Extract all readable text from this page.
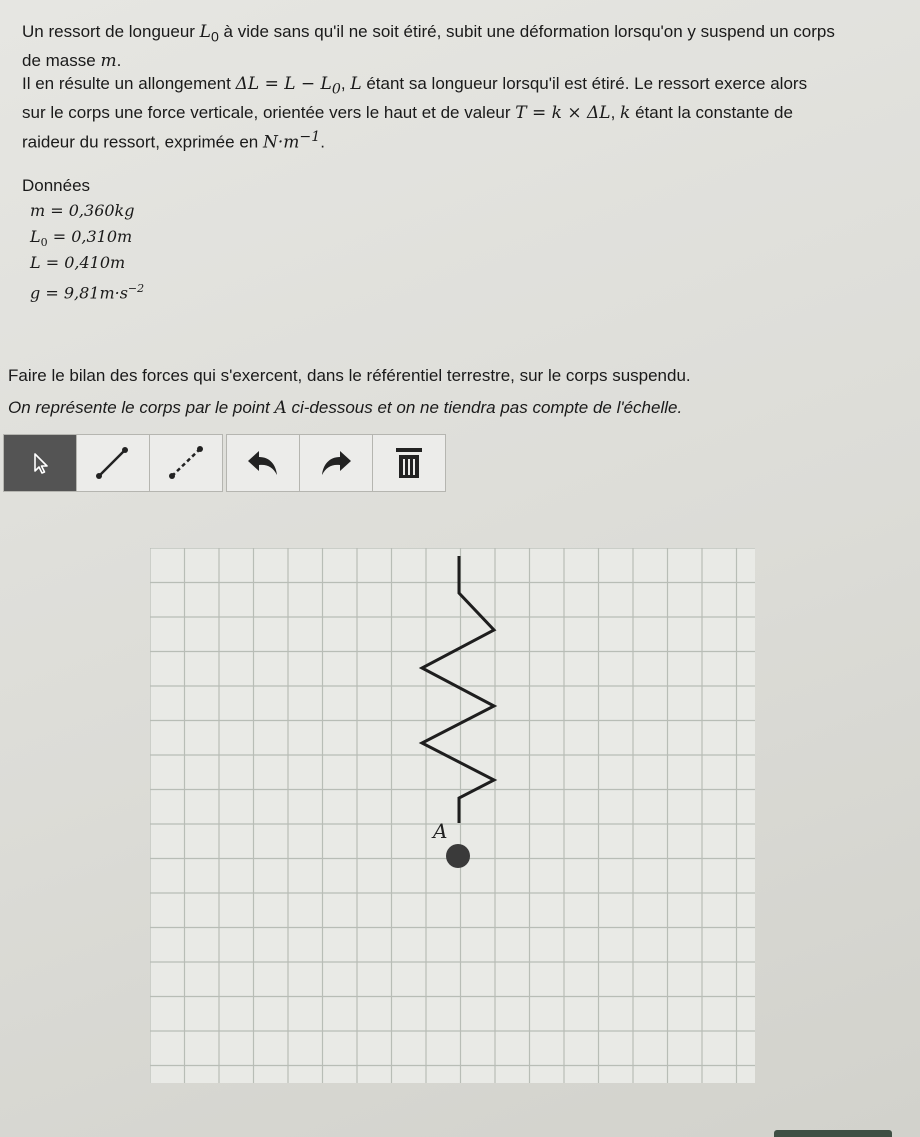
Un ressort de longueur $L_0$ à vide sans qu'il ne soit étiré, subit une déformation lorsqu'on y suspend un corps
de masse m.

Il en résulte un allongement $\Delta L = L - L_0$, L étant sa longueur lorsqu'il est étiré. Le ressort exerce alors
sur le corps une force verticale, orientée vers le haut et de valeur T = k × ΔL, k étant la constante de
raideur du ressort, exprimée en $N\cdot m^{-1}$.

Données
m = 0,360kg
$L_0 = 0,310m$
L = 0,410m
$g = 9,81m\cdot s^{-2}$
Faire le bilan des forces qui s'exercent, dans le référentiel terrestre, sur le corps suspendu.
On représente le corps par le point A ci-dessous et on ne tiendra pas compte de l'échelle.
A
